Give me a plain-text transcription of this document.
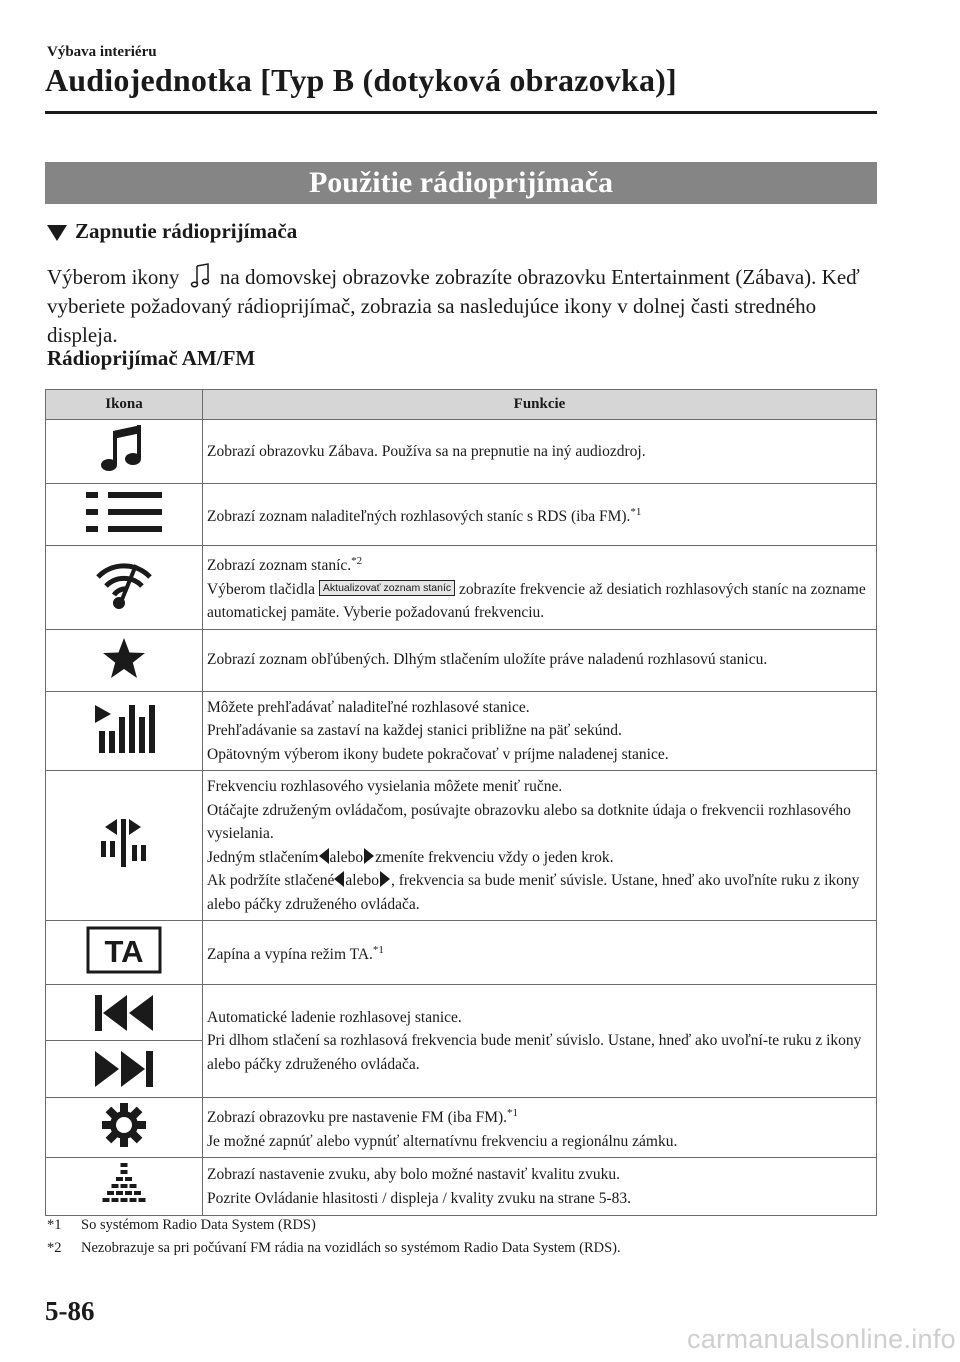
Výbava interiéru
Audiojednotka [Typ B (dotyková obrazovka)]
Použitie rádioprijímača
Zapnutie rádioprijímača
Výberom ikony na domovskej obrazovke zobrazíte obrazovku Entertainment (Zábava). Keď vyberiete požadovaný rádioprijímač, zobrazia sa nasledujúce ikony v dolnej časti stredného displeja.
Rádioprijímač AM/FM
Ikona	Funkcie
	Zobrazí obrazovku Zábava. Používa sa na prepnutie na iný audiozdroj.
	Zobrazí zoznam naladiteľných rozhlasových staníc s RDS (iba FM).$^{*1}$

Zobrazí zoznam staníc.$^{*2}$
Výberom tlačidla Aktualizovať zoznam staníc zobrazíte frekvencie až desiatich rozhlasových staníc na zozname automatickej pamäte. Vyberie požadovanú frekvenciu.

	Zobrazí zoznam obľúbených. Dlhým stlačením uložíte práve naladenú rozhlasovú stanicu.

Môžete prehľadávať naladiteľné rozhlasové stanice.
Prehľadávanie sa zastaví na každej stanici približne na päť sekúnd.
Opätovným výberom ikony budete pokračovať v príjme naladenej stanice.

Frekvenciu rozhlasového vysielania môžete meniť ručne.
Otáčajte združeným ovládačom, posúvajte obrazovku alebo sa dotknite údaja o frekvencii rozhlasového vysielania.
Jedným stlačením alebo zmeníte frekvenciu vždy o jeden krok.
Ak podržíte stlačené alebo , frekvencia sa bude meniť súvisle. Ustane, hneď ako uvoľníte ruku z ikony alebo páčky združeného ovládača.

TA	Zapína a vypína režim TA.$^{*1}$

Automatické ladenie rozhlasovej stanice.
Pri dlhom stlačení sa rozhlasová frekvencia bude meniť súvislo. Ustane, hneď ako uvoľní-te ruku z ikony alebo páčky združeného ovládača.

Zobrazí obrazovku pre nastavenie FM (iba FM).$^{*1}$
Je možné zapnúť alebo vypnúť alternatívnu frekvenciu a regionálnu zámku.

Zobrazí nastavenie zvuku, aby bolo možné nastaviť kvalitu zvuku.
Pozrite Ovládanie hlasitosti / displeja / kvality zvuku na strane 5-83.
*1	So systémom Radio Data System (RDS)
*2	Nezobrazuje sa pri počúvaní FM rádia na vozidlách so systémom Radio Data System (RDS).
5-86
carmanualsonline.info
